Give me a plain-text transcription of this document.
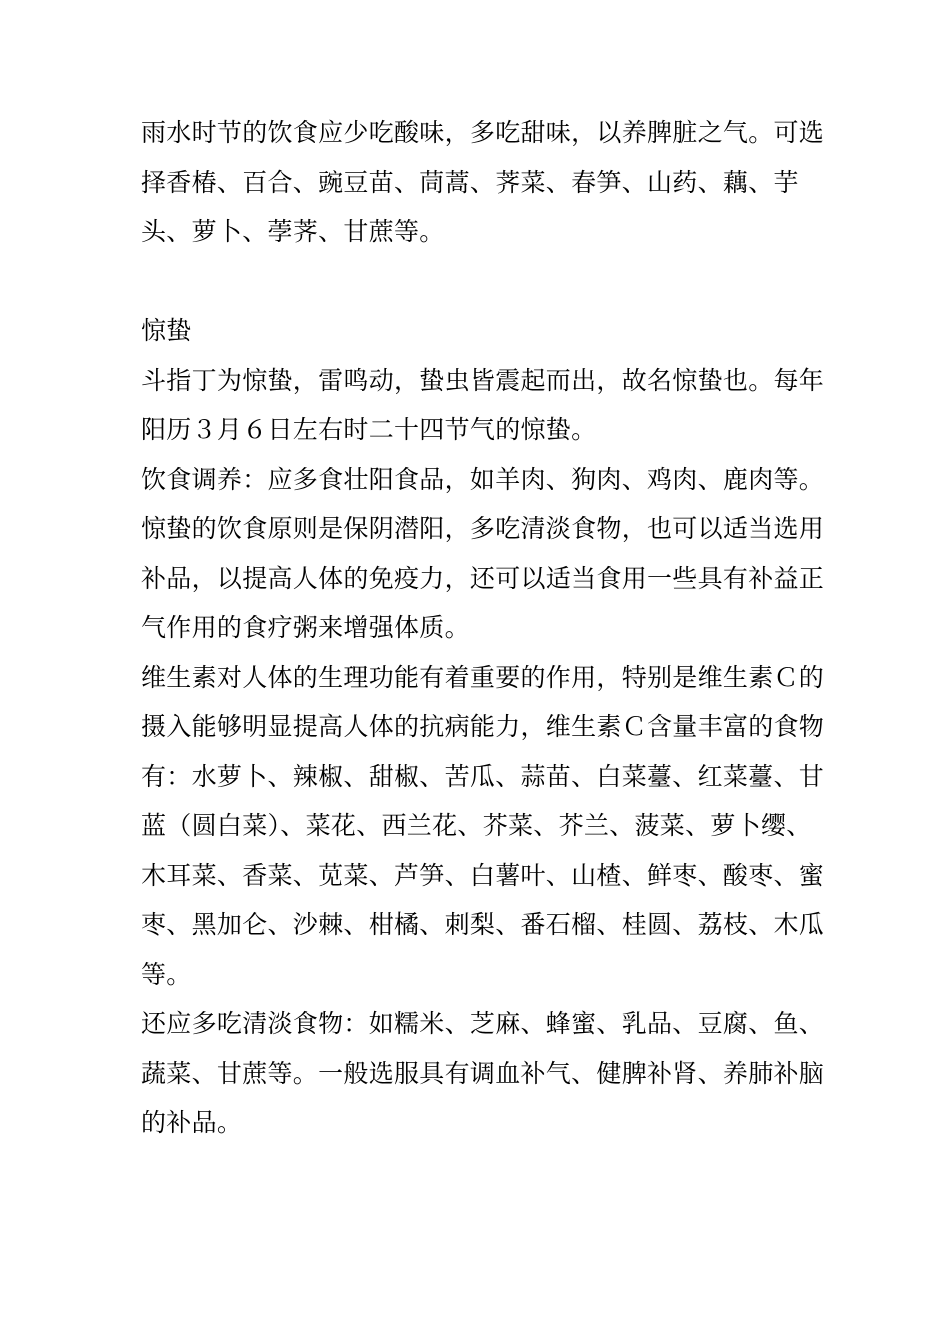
雨水时节的饮食应少吃酸味，多吃甜味，以养脾脏之气。可选择香椿、百合、豌豆苗、茼蒿、荠菜、春笋、山药、藕、芋头、萝卜、荸荠、甘蔗等。

惊蛰

斗指丁为惊蛰，雷鸣动，蛰虫皆震起而出，故名惊蛰也。每年阳历３月６日左右时二十四节气的惊蛰。

饮食调养：应多食壮阳食品，如羊肉、狗肉、鸡肉、鹿肉等。

惊蛰的饮食原则是保阴潜阳，多吃清淡食物，也可以适当选用补品，以提高人体的免疫力，还可以适当食用一些具有补益正气作用的食疗粥来增强体质。

维生素对人体的生理功能有着重要的作用，特别是维生素Ｃ的摄入能够明显提高人体的抗病能力，维生素Ｃ含量丰富的食物有：水萝卜、辣椒、甜椒、苦瓜、蒜苗、白菜薹、红菜薹、甘蓝（圆白菜）、菜花、西兰花、芥菜、芥兰、菠菜、萝卜缨、木耳菜、香菜、苋菜、芦笋、白薯叶、山楂、鲜枣、酸枣、蜜枣、黑加仑、沙棘、柑橘、刺梨、番石榴、桂圆、荔枝、木瓜等。

还应多吃清淡食物：如糯米、芝麻、蜂蜜、乳品、豆腐、鱼、蔬菜、甘蔗等。一般选服具有调血补气、健脾补肾、养肺补脑的补品。
